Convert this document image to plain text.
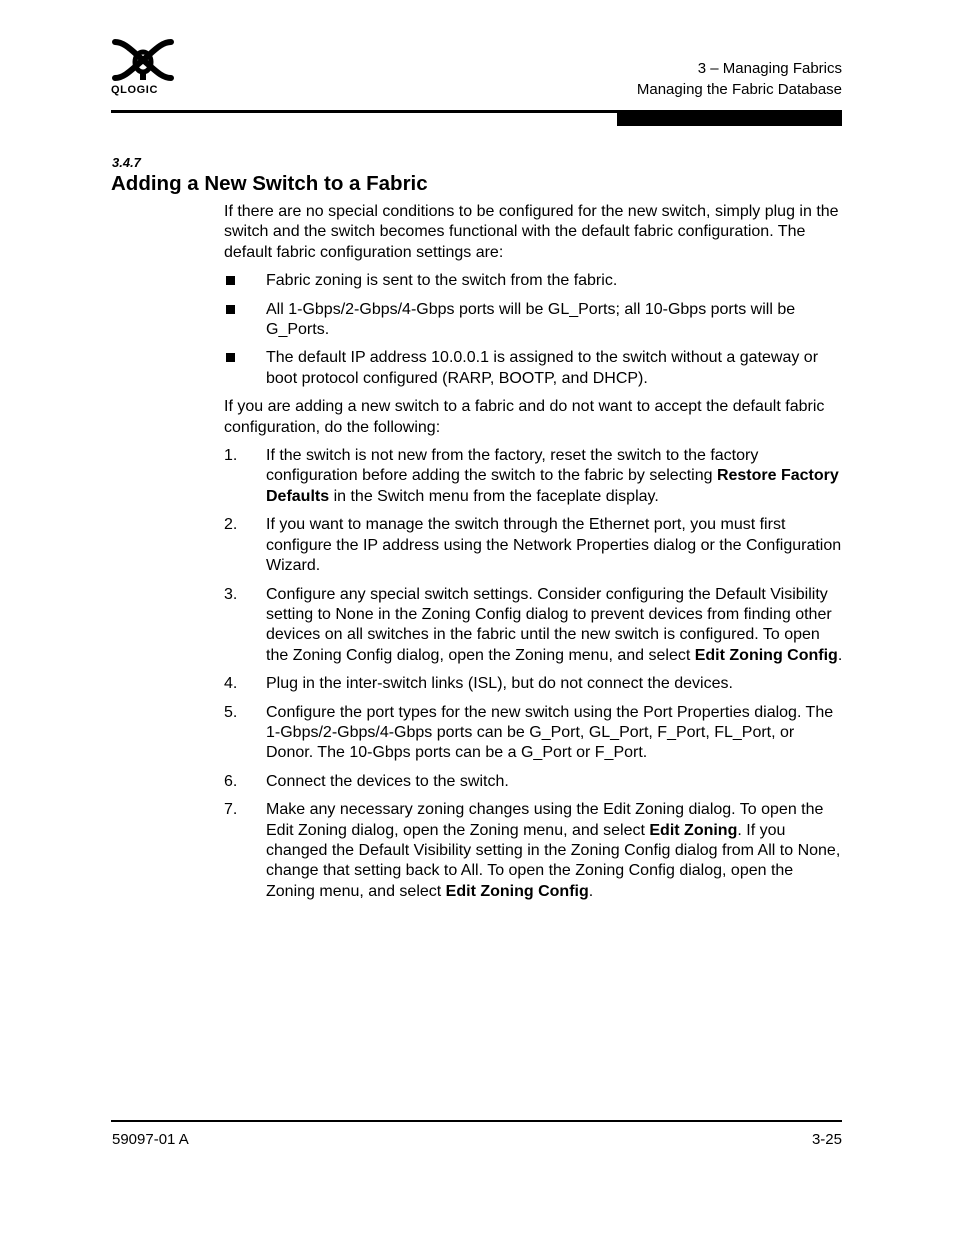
QLOGIC
3 – Managing Fabrics
Managing the Fabric Database
3.4.7
Adding a New Switch to a Fabric

If there are no special conditions to be configured for the new switch, simply plug in the switch and the switch becomes functional with the default fabric configuration. The default fabric configuration settings are:

Fabric zoning is sent to the switch from the fabric.
All 1-Gbps/2-Gbps/4-Gbps ports will be GL_Ports; all 10-Gbps ports will be G_Ports.
The default IP address 10.0.0.1 is assigned to the switch without a gateway or boot protocol configured (RARP, BOOTP, and DHCP).

If you are adding a new switch to a fabric and do not want to accept the default fabric configuration, do the following:

1. If the switch is not new from the factory, reset the switch to the factory configuration before adding the switch to the fabric by selecting Restore Factory Defaults in the Switch menu from the faceplate display.
2. If you want to manage the switch through the Ethernet port, you must first configure the IP address using the Network Properties dialog or the Configuration Wizard.
3. Configure any special switch settings. Consider configuring the Default Visibility setting to None in the Zoning Config dialog to prevent devices from finding other devices on all switches in the fabric until the new switch is configured. To open the Zoning Config dialog, open the Zoning menu, and select Edit Zoning Config.
4. Plug in the inter-switch links (ISL), but do not connect the devices.
5. Configure the port types for the new switch using the Port Properties dialog. The 1-Gbps/2-Gbps/4-Gbps ports can be G_Port, GL_Port, F_Port, FL_Port, or Donor. The 10-Gbps ports can be a G_Port or F_Port.
6. Connect the devices to the switch.
7. Make any necessary zoning changes using the Edit Zoning dialog. To open the Edit Zoning dialog, open the Zoning menu, and select Edit Zoning. If you changed the Default Visibility setting in the Zoning Config dialog from All to None, change that setting back to All. To open the Zoning Config dialog, open the Zoning menu, and select Edit Zoning Config.
59097-01 A	3-25
